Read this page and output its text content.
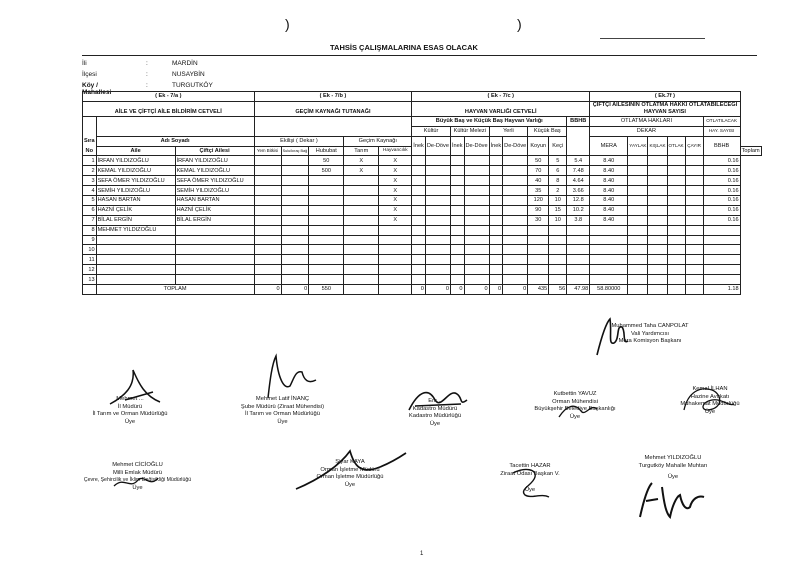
)	)
TAHSİS ÇALIŞMALARINA ESAS OLACAK
İli	:	MARDİN
İlçesi	:	NUSAYBİN
Köy / Mahallesi
:	TURGUTKÖY
( Ek - 7/a )			( Ek - 7/b )					( Ek - 7/c )									( Ek.7f )						
AİLE VE ÇİFTÇİ AİLE BİLDİRİM CETVELİ			GEÇİM KAYNAĞI TUTANAĞI					HAYVAN VARLIĞI CETVELİ									ÇİFTÇİ AİLESİNİN OTLATMA HAKKI OTLATABİLECEĞİ HAYVAN SAYISI						

								Büyük Baş ve Küçük Baş Hayvan Varlığı								BBHB	OTLATMA HAKLARI					OTLATILACAK	
								Kültür		Kültür Melezi		Yerli		Küçük Baş			DEKAR					HAY. SAYISI	
Sıra	Adı Soyadı		Ekilişi ( Dekar )			Geçim Kaynağı		İnek	De-Döve	İnek	De-Döve	İnek	De-Döve	Koyun	Keçi		MERA	YAYLAK	KIŞLAK	OTLAK	ÇAYIR	BBHB	
No	Aile	Çiftçi Ailesi	Yem Bitkisi	Sulu/kıraç Bağ	Hububat	Tarım	Hayvancılık																Toplam
1	İRFAN YILDIZOĞLU	İRFAN YILDIZOĞLU			50	X	X							50	5	5.4	8.40					0.16	
2	KEMAL YILDIZOĞLU	KEMAL YILDIZOĞLU			500	X	X							70	6	7.48	8.40					0.16	
3	SEFA ÖMER YILDIZOĞLU	SEFA ÖMER YILDIZOĞLU					X							40	8	4.64	8.40					0.16	
4	SEMİH YILDIZOĞLU	SEMİH YILDIZOĞLU					X							35	2	3.66	8.40					0.16	
5	HASAN BARTAN	HASAN BARTAN					X							120	10	12.8	8.40					0.16	
6	HAZNİ ÇELİK	HAZNİ ÇELİK					X							90	15	10.2	8.40					0.16	
7	BİLAL ERGİN	BİLAL ERGİN					X							30	10	3.8	8.40					0.16	
8	MEHMET YILDIZOĞLU																						
9																							
10																							
11																							
12																							
13																							
	TOPLAM		0	0	550			0	0	0	0	0	0	435	56	47.98	58.80000					1.18	
Muhammed Taha CANPOLAT
Vali Yardımcısı
Mera Komisyon Başkanı
Mehmet ...
İl Müdürü
İl Tarım ve Orman Müdürlüğü
Üye
Mehmet Latif İNANÇ
Şube Müdürü (Ziraat Mühendisi)
İl Tarım ve Orman Müdürlüğü
Üye
Em...
Kadastro Müdürü
Kadastro Müdürlüğü
Üye
Kutbettin YAVUZ
Orman Mühendisi
Büyükşehir Belediye Başkanlığı
Üye
Kemal İLHAN
Hazine Avukatı
Muhakemat Müdürlüğü
Üye
Mehmet CİCİOĞLU
Milli Emlak Müdürü
Çevre, Şehircilik ve İklim Değişikliği Müdürlüğü
Üye
Şiyar KAYA
Orman İşletme Müdürü
Orman İşletme Müdürlüğü
Üye
Tacettin HAZAR
Ziraat Odası Başkan V.
Üye
Mehmet YILDIZOĞLU
Turgutköy Mahalle Muhtarı
Üye
1
